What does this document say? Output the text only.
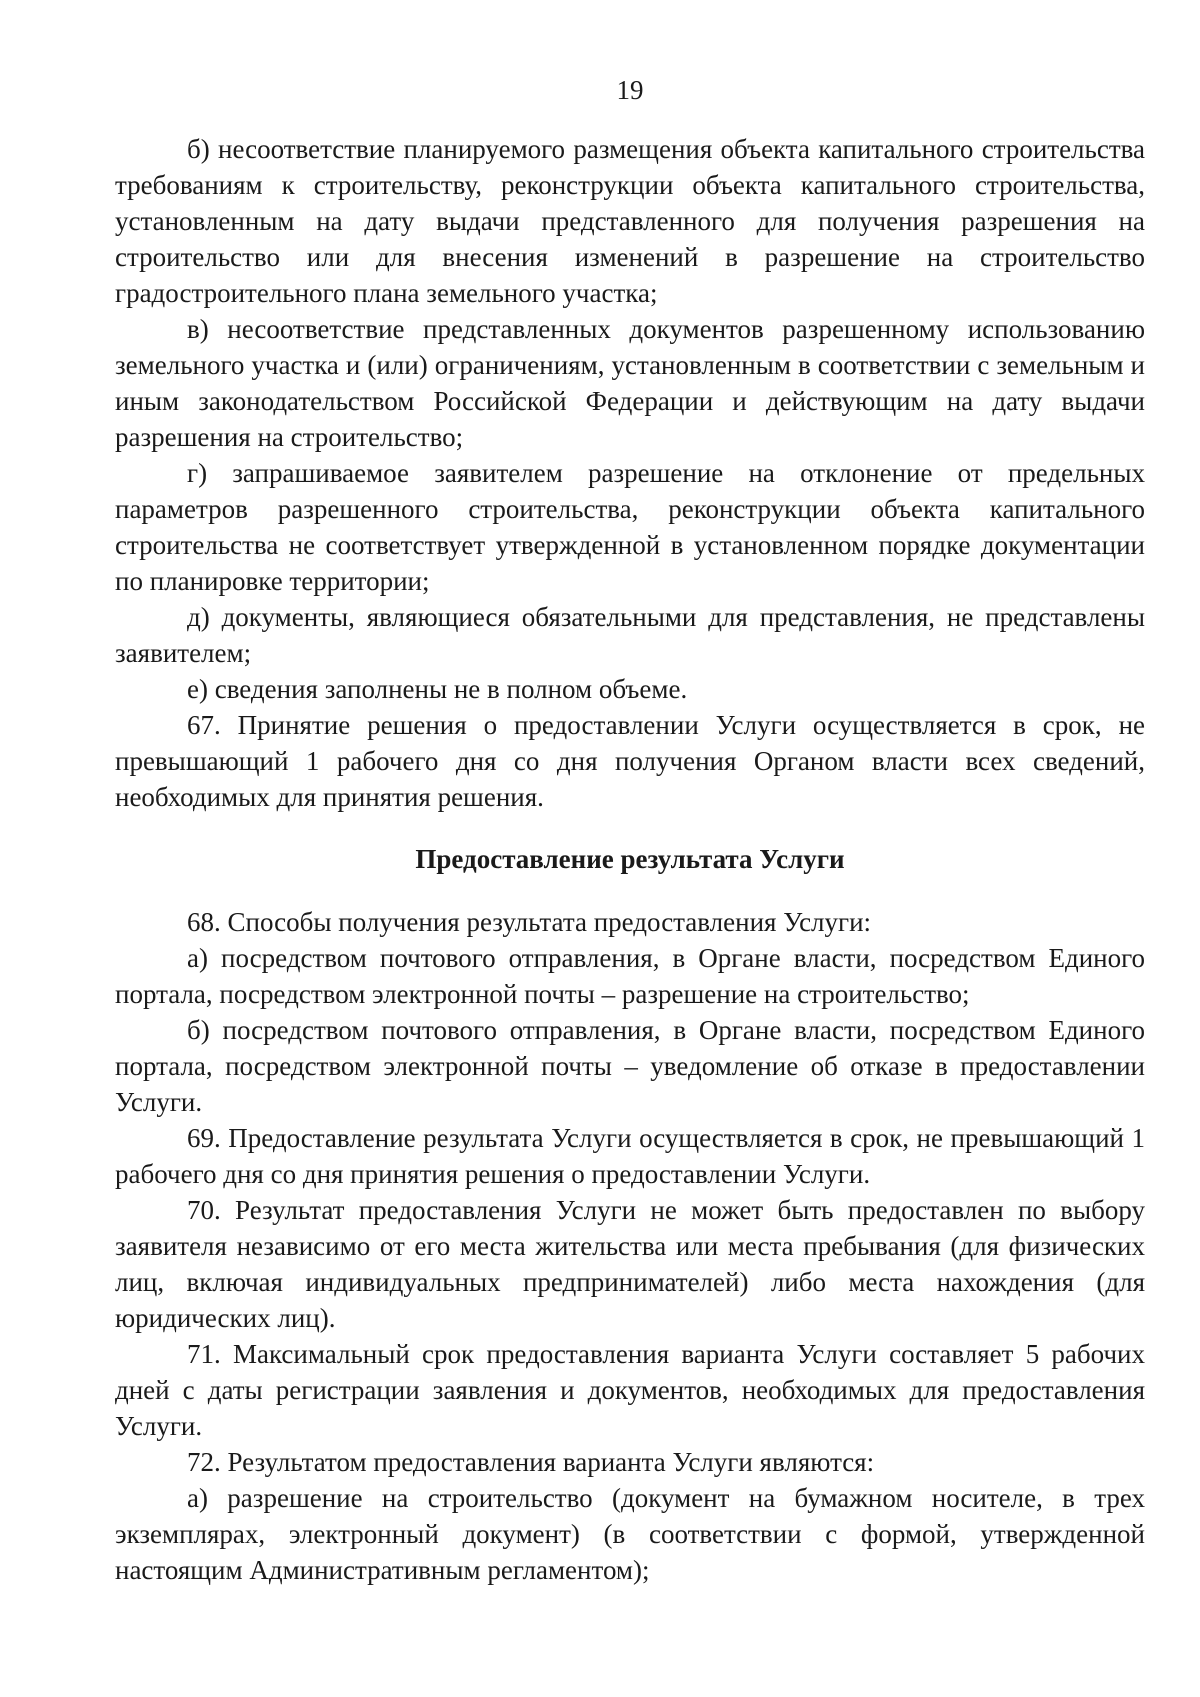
19

б) несоответствие планируемого размещения объекта капитального строительства требованиям к строительству, реконструкции объекта капитального строительства, установленным на дату выдачи представленного для получения разрешения на строительство или для внесения изменений в разрешение на строительство градостроительного плана земельного участка;

в) несоответствие представленных документов разрешенному использованию земельного участка и (или) ограничениям, установленным в соответствии с земельным и иным законодательством Российской Федерации и действующим на дату выдачи разрешения на строительство;

г) запрашиваемое заявителем разрешение на отклонение от предельных параметров разрешенного строительства, реконструкции объекта капитального строительства не соответствует утвержденной в установленном порядке документации по планировке территории;

д) документы, являющиеся обязательными для представления, не представлены заявителем;

е) сведения заполнены не в полном объеме.

67. Принятие решения о предоставлении Услуги осуществляется в срок, не превышающий 1 рабочего дня со дня получения Органом власти всех сведений, необходимых для принятия решения.

Предоставление результата Услуги

68. Способы получения результата предоставления Услуги:

а) посредством почтового отправления, в Органе власти, посредством Единого портала, посредством электронной почты – разрешение на строительство;

б) посредством почтового отправления, в Органе власти, посредством Единого портала, посредством электронной почты – уведомление об отказе в предоставлении Услуги.

69. Предоставление результата Услуги осуществляется в срок, не превышающий 1 рабочего дня со дня принятия решения о предоставлении Услуги.

70. Результат предоставления Услуги не может быть предоставлен по выбору заявителя независимо от его места жительства или места пребывания (для физических лиц, включая индивидуальных предпринимателей) либо места нахождения (для юридических лиц).

71. Максимальный срок предоставления варианта Услуги составляет 5 рабочих дней с даты регистрации заявления и документов, необходимых для предоставления Услуги.

72. Результатом предоставления варианта Услуги являются:

а) разрешение на строительство (документ на бумажном носителе, в трех экземплярах, электронный документ) (в соответствии с формой, утвержденной настоящим Административным регламентом);
